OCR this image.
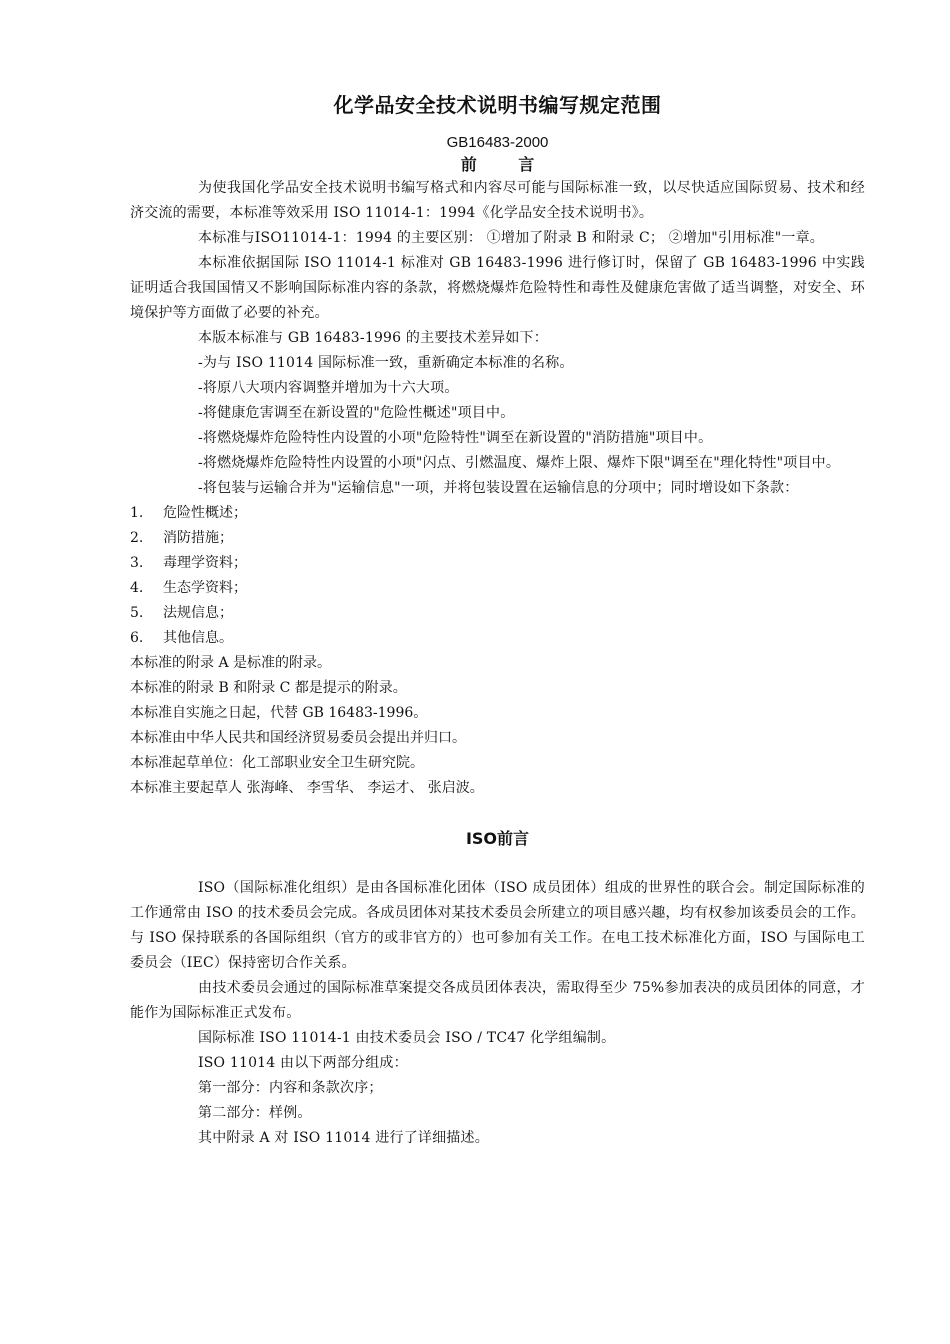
化学品安全技术说明书编写规定范围
GB16483-2000
前 言

为使我国化学品安全技术说明书编写格式和内容尽可能与国际标准一致，以尽快适应国际贸易、技术和经济交流的需要，本标准等效采用 ISO 11014-1：1994《化学品安全技术说明书》。

本标准与ISO11014-1：1994 的主要区别： ①增加了附录 B 和附录 C； ②增加"引用标准"一章。

本标准依据国际 ISO 11014-1 标准对 GB 16483-1996 进行修订时，保留了 GB 16483-1996 中实践证明适合我国国情又不影响国际标准内容的条款，将燃烧爆炸危险特性和毒性及健康危害做了适当调整，对安全、环境保护等方面做了必要的补充。

本版本标准与 GB 16483-1996 的主要技术差异如下：

-为与 ISO 11014 国际标准一致，重新确定本标准的名称。

-将原八大项内容调整并增加为十六大项。

-将健康危害调至在新设置的"危险性概述"项目中。

-将燃烧爆炸危险特性内设置的小项"危险特性"调至在新设置的"消防措施"项目中。

-将燃烧爆炸危险特性内设置的小项"闪点、引燃温度、爆炸上限、爆炸下限"调至在"理化特性"项目中。

-将包装与运输合并为"运输信息"一项，并将包装设置在运输信息的分项中；同时增设如下条款：

1.	危险性概述；
2.	消防措施；
3.	毒理学资料；
4.	生态学资料；
5.	法规信息；
6.	其他信息。
本标准的附录 A 是标准的附录。
本标准的附录 B 和附录 C 都是提示的附录。
本标准自实施之日起，代替 GB 16483-1996。
本标准由中华人民共和国经济贸易委员会提出并归口。
本标准起草单位：化工部职业安全卫生研究院。
本标准主要起草人 张海峰、 李雪华、 李运才、 张启波。
ISO前言

ISO（国际标准化组织）是由各国标准化团体（ISO 成员团体）组成的世界性的联合会。制定国际标准的工作通常由 ISO 的技术委员会完成。各成员团体对某技术委员会所建立的项目感兴趣，均有权参加该委员会的工作。与 ISO 保持联系的各国际组织（官方的或非官方的）也可参加有关工作。在电工技术标准化方面，ISO 与国际电工委员会（IEC）保持密切合作关系。

由技术委员会通过的国际标准草案提交各成员团体表决，需取得至少 75%参加表决的成员团体的同意，才能作为国际标准正式发布。

国际标准 ISO 11014-1 由技术委员会 ISO / TC47 化学组编制。

ISO 11014 由以下两部分组成：

第一部分：内容和条款次序；

第二部分：样例。

其中附录 A 对 ISO 11014 进行了详细描述。
